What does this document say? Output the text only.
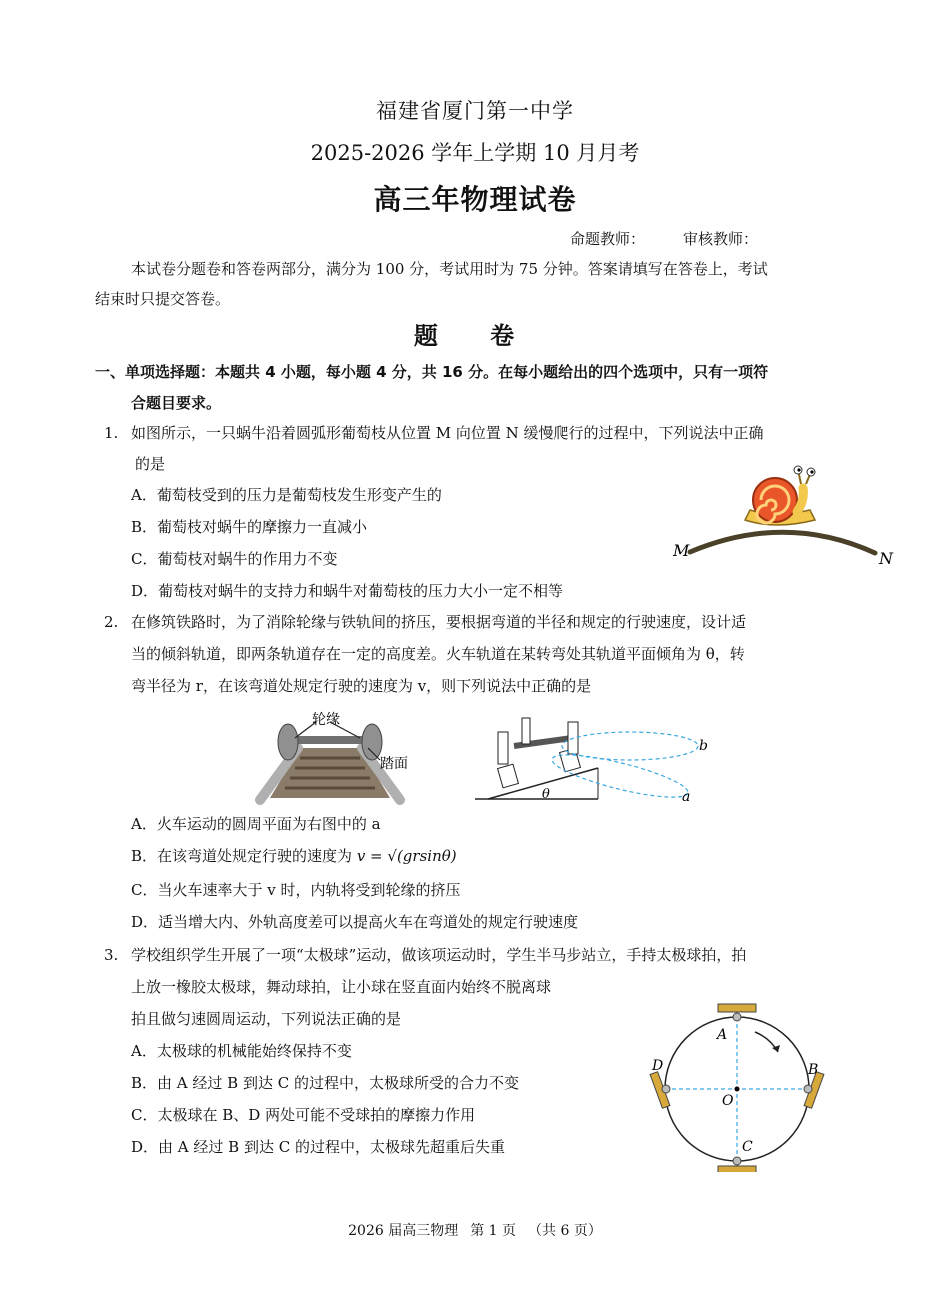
福建省厦门第一中学
2025-2026 学年上学期 10 月月考
高三年物理试卷
命题教师：	审核教师：
本试卷分题卷和答卷两部分，满分为 100 分，考试用时为 75 分钟。答案请填写在答卷上，考试
结束时只提交答卷。
题 卷
一、单项选择题：本题共 4 小题，每小题 4 分，共 16 分。在每小题给出的四个选项中，只有一项符
合题目要求。
1. 如图所示，一只蜗牛沿着圆弧形葡萄枝从位置 M 向位置 N 缓慢爬行的过程中，下列说法中正确
的是
A．葡萄枝受到的压力是葡萄枝发生形变产生的
B．葡萄枝对蜗牛的摩擦力一直减小
C．葡萄枝对蜗牛的作用力不变
D．葡萄枝对蜗牛的支持力和蜗牛对葡萄枝的压力大小一定不相等
M	N
2. 在修筑铁路时，为了消除轮缘与铁轨间的挤压，要根据弯道的半径和规定的行驶速度，设计适
当的倾斜轨道，即两条轨道存在一定的高度差。火车轨道在某转弯处其轨道平面倾角为 θ，转
弯半径为 r，在该弯道处规定行驶的速度为 v，则下列说法中正确的是
轮缘
踏面
b
a
θ
A．火车运动的圆周平面为右图中的 a
B．在该弯道处规定行驶的速度为 v = √(grsinθ)
C．当火车速率大于 v 时，内轨将受到轮缘的挤压
D．适当增大内、外轨高度差可以提高火车在弯道处的规定行驶速度
3. 学校组织学生开展了一项“太极球”运动，做该项运动时，学生半马步站立，手持太极球拍，拍
上放一橡胶太极球，舞动球拍，让小球在竖直面内始终不脱离球
拍且做匀速圆周运动，下列说法正确的是
A．太极球的机械能始终保持不变
B．由 A 经过 B 到达 C 的过程中，太极球所受的合力不变
C．太极球在 B、D 两处可能不受球拍的摩擦力作用
D．由 A 经过 B 到达 C 的过程中，太极球先超重后失重
A
B
C
D
O
2026 届高三物理 第 1 页 （共 6 页）
